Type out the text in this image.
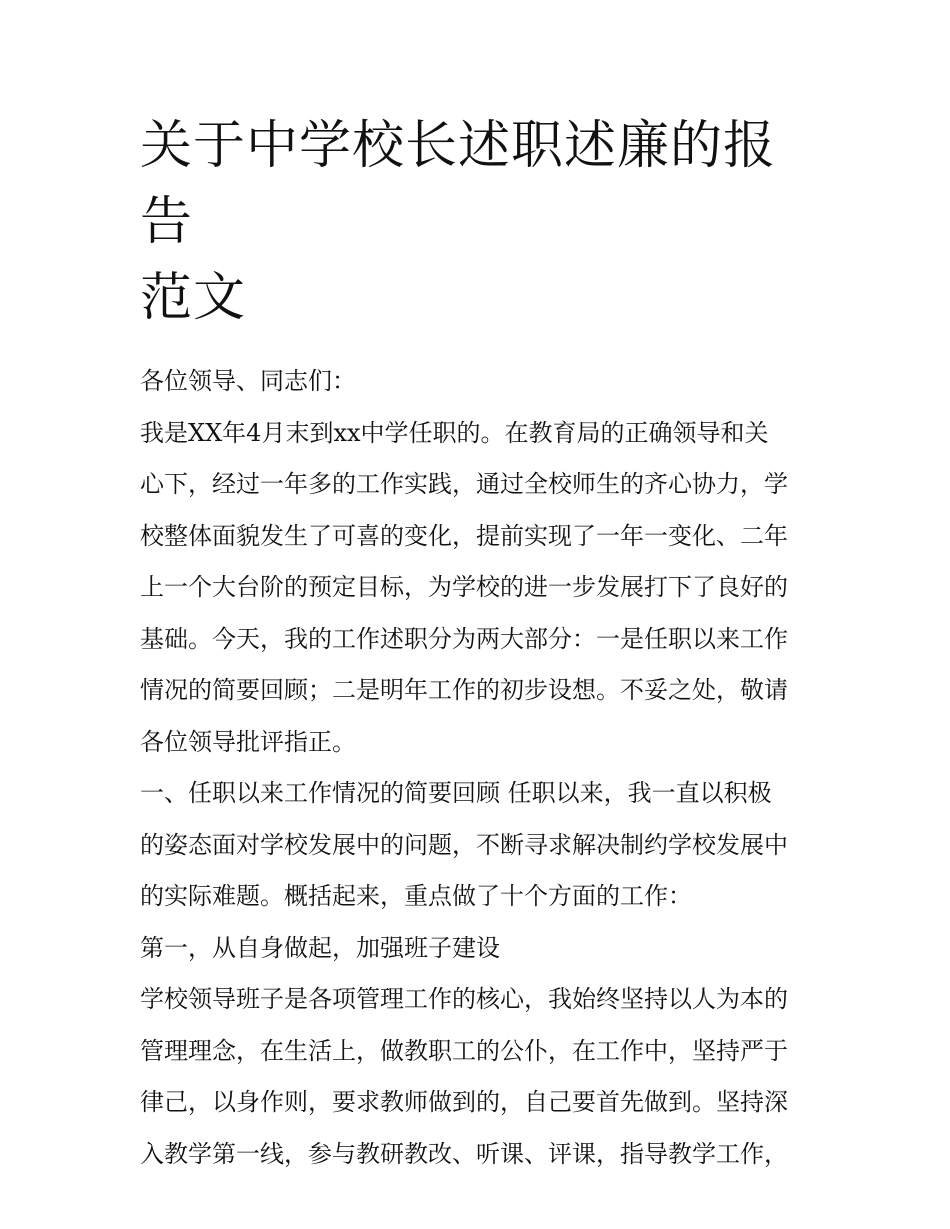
关于中学校长述职述廉的报告
范文
各位领导、同志们：
我是XX年4月末到xx中学任职的。在教育局的正确领导和关
心下，经过一年多的工作实践，通过全校师生的齐心协力，学
校整体面貌发生了可喜的变化，提前实现了一年一变化、二年
上一个大台阶的预定目标，为学校的进一步发展打下了良好的
基础。今天，我的工作述职分为两大部分：一是任职以来工作
情况的简要回顾；二是明年工作的初步设想。不妥之处，敬请
各位领导批评指正。
一、任职以来工作情况的简要回顾 任职以来，我一直以积极
的姿态面对学校发展中的问题，不断寻求解决制约学校发展中
的实际难题。概括起来，重点做了十个方面的工作：
第一，从自身做起，加强班子建设
学校领导班子是各项管理工作的核心，我始终坚持以人为本的
管理理念，在生活上，做教职工的公仆，在工作中，坚持严于
律己，以身作则，要求教师做到的，自己要首先做到。坚持深
入教学第一线，参与教研教改、听课、评课，指导教学工作，
